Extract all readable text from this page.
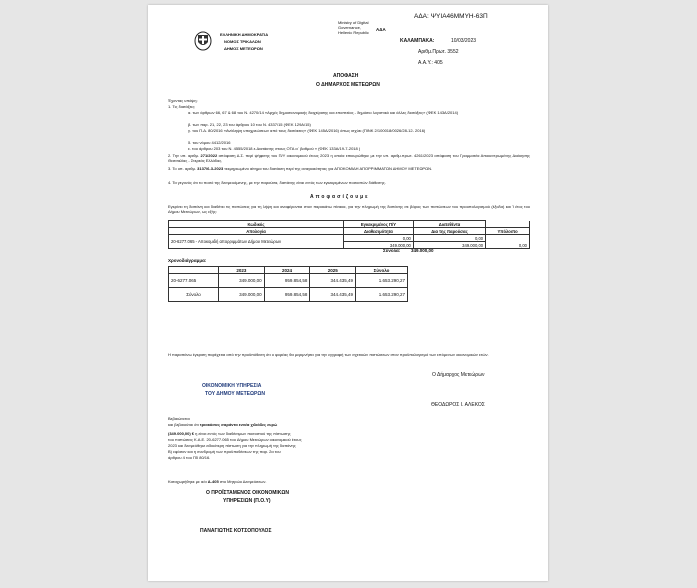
ΑΔΑ: ΨΥΙΑ46ΜΜΥΗ-63Π
Ministry of Digital
Governance,
Hellenic Republic
ΑΔΑ
ΕΛΛΗΝΙΚΗ ΔΗΜΟΚΡΑΤΙΑ
ΝΟΜΟΣ ΤΡΙΚΑΛΩΝ
ΔΗΜΟΣ ΜΕΤΕΩΡΩΝ
ΚΑΛΑΜΠΑΚΑ:	10/03/2023
Αριθμ.Πρωτ. 3552
Α.Α.Υ.: 405
ΑΠΟΦΑΣΗ
Ο ΔΗΜΑΡΧΟΣ ΜΕΤΕΩΡΩΝ
Έχοντας υπόψη:
1. Τις διατάξεις:
α. των άρθρων 66, 67 & 68 του Ν. 4270/14 «Αρχές δημοσιονομικής διαχείρισης και εποπτείας - δημόσιο λογιστικό και άλλες διατάξεις» (ΦΕΚ 143Α/2014)
β. των παρ. 21, 22, 23 του άρθρου 10 του Ν. 4337/15 (ΦΕΚ 129Α/15)
γ. του Π.Δ. 80/2016 «Ανάληψη υποχρεώσεων από τους διατάκτες» (ΦΕΚ 145Α/2016) όπως ισχύει (ΠΙΝΚ 2/100018/0026/28-12- 2016)
δ. του νόμου 4412/2016
ε. του άρθρου 203 του Ν. 4555/2018 ε.Διατάκτης στους ΟΤΑ α΄ βαθμού » (ΦΕΚ 133Α/19-7-2018 )
2. Την υπ. αριθμ. 271/2022 απόφαση Δ.Σ. περί ψήφισης του Π/Υ οικονομικού έτους 2023 η οποία επικυρώθηκε με την υπ. αριθμ.πρωτ. 4261/2023 απόφαση του Γραμματέα Αποκεντρωμένης Διοίκησης Θεσσαλίας - Στερεάς Ελλάδας.
3. Το υπ. αριθμ. 3137/6-3-2023 τεκμηριωμένο αίτημα του διατάκτη περί της αναγκαιότητας για ΑΠΟΚΟΜΙΔΗ ΑΠΟΡΡΙΜΜΑΤΩΝ ΔΗΜΟΥ ΜΕΤΕΩΡΩΝ.
4. Τα γεγονός ότι το ποσό της δεσμευόμενης, με την παρούσα, δαπάνης είναι εντός των εγκεκριμένων ποσοστών διάθεσης.
Α π ο φ α σ ί ζ ο υ μ ε
Εγκρίνει τη δαπάνη και διαθέτει τις πιστώσεις για τη λήψη και αναφέρονται στον παρακάτω πίνακα, για την πληρωμή της δαπάνης σε βάρος των πιστώσεων του προυπολογισμού (έξοδα) και Ί έτος του Δήμου Μετεώρων, ως εξής:
Κωδικός	Εγκεκριμένος Π/Υ	Διατεθέντα	
Απολογία	Διαθεσιμότητα	Δια της παρούσας	Υπόλοιπο
20-6277.065 - Αποκομιδή απορριμμάτων Δήμου Μετεώρων	0,00	0,00	0,00
	349.000,00	349.000,00	
Σύνολα: 349.000,00
Χρονοδιάγραμμα:
	2023	2024	2025	Σύνολο
20-6277.065	349.000,00	959.854,58	344.435,49	1.653.290,27
Σύνολο	349.000,00	959.854,58	344.435,49	1.653.290,27
Η παραπάνω έγκριση παρέχεται από την προϋπόθεση ότι ο φορέας θα μεριμνήσει για την εγγραφή των σχετικών πιστώσεων στον προϋπολογισμό των επόμενων οικονομικών ετών.
Ο Δήμαρχος Μετεώρων
ΟΙΚΟΝΟΜΙΚΗ ΥΠΗΡΕΣΙΑ
ΤΟΥ ΔΗΜΟΥ ΜΕΤΕΩΡΩΝ
ΘΕΟΔΩΡΟΣ Ι. ΑΛΕΚΟΣ
Βεβαιώνεται
και βεβαιούται ότι τριακόσιες σαράντα εννέα χιλιάδες ευρώ
(349.000,00) € η είναι εντός των διαθέσιμων ποσοστού της πίστωσης
του πιστώσεις Κ.Α.Ε. 20-6277.065 του Δήμου Μετεώρων οικονομικού έτους
2023 και δεσμεύθηκε ειδικότερη πίστωση για την πληρωμή της δαπάνης
Β) εφόσον και η συνδρομή των προϋποθέσεων της παρ. 2α του
άρθρου 4 του Πδ 80/16.
Καταχωρήθηκε με α/α Α-405 στο Μητρώο Δεσμεύσεων.
Ο ΠΡΟΪΣΤΑΜΕΝΟΣ ΟΙΚΟΝΟΜΙΚΩΝ
ΥΠΗΡΕΣΙΩΝ (Π.Ο.Υ)
ΠΑΝΑΓΙΩΤΗΣ ΚΟΤΣΟΠΟΥΛΟΣ
